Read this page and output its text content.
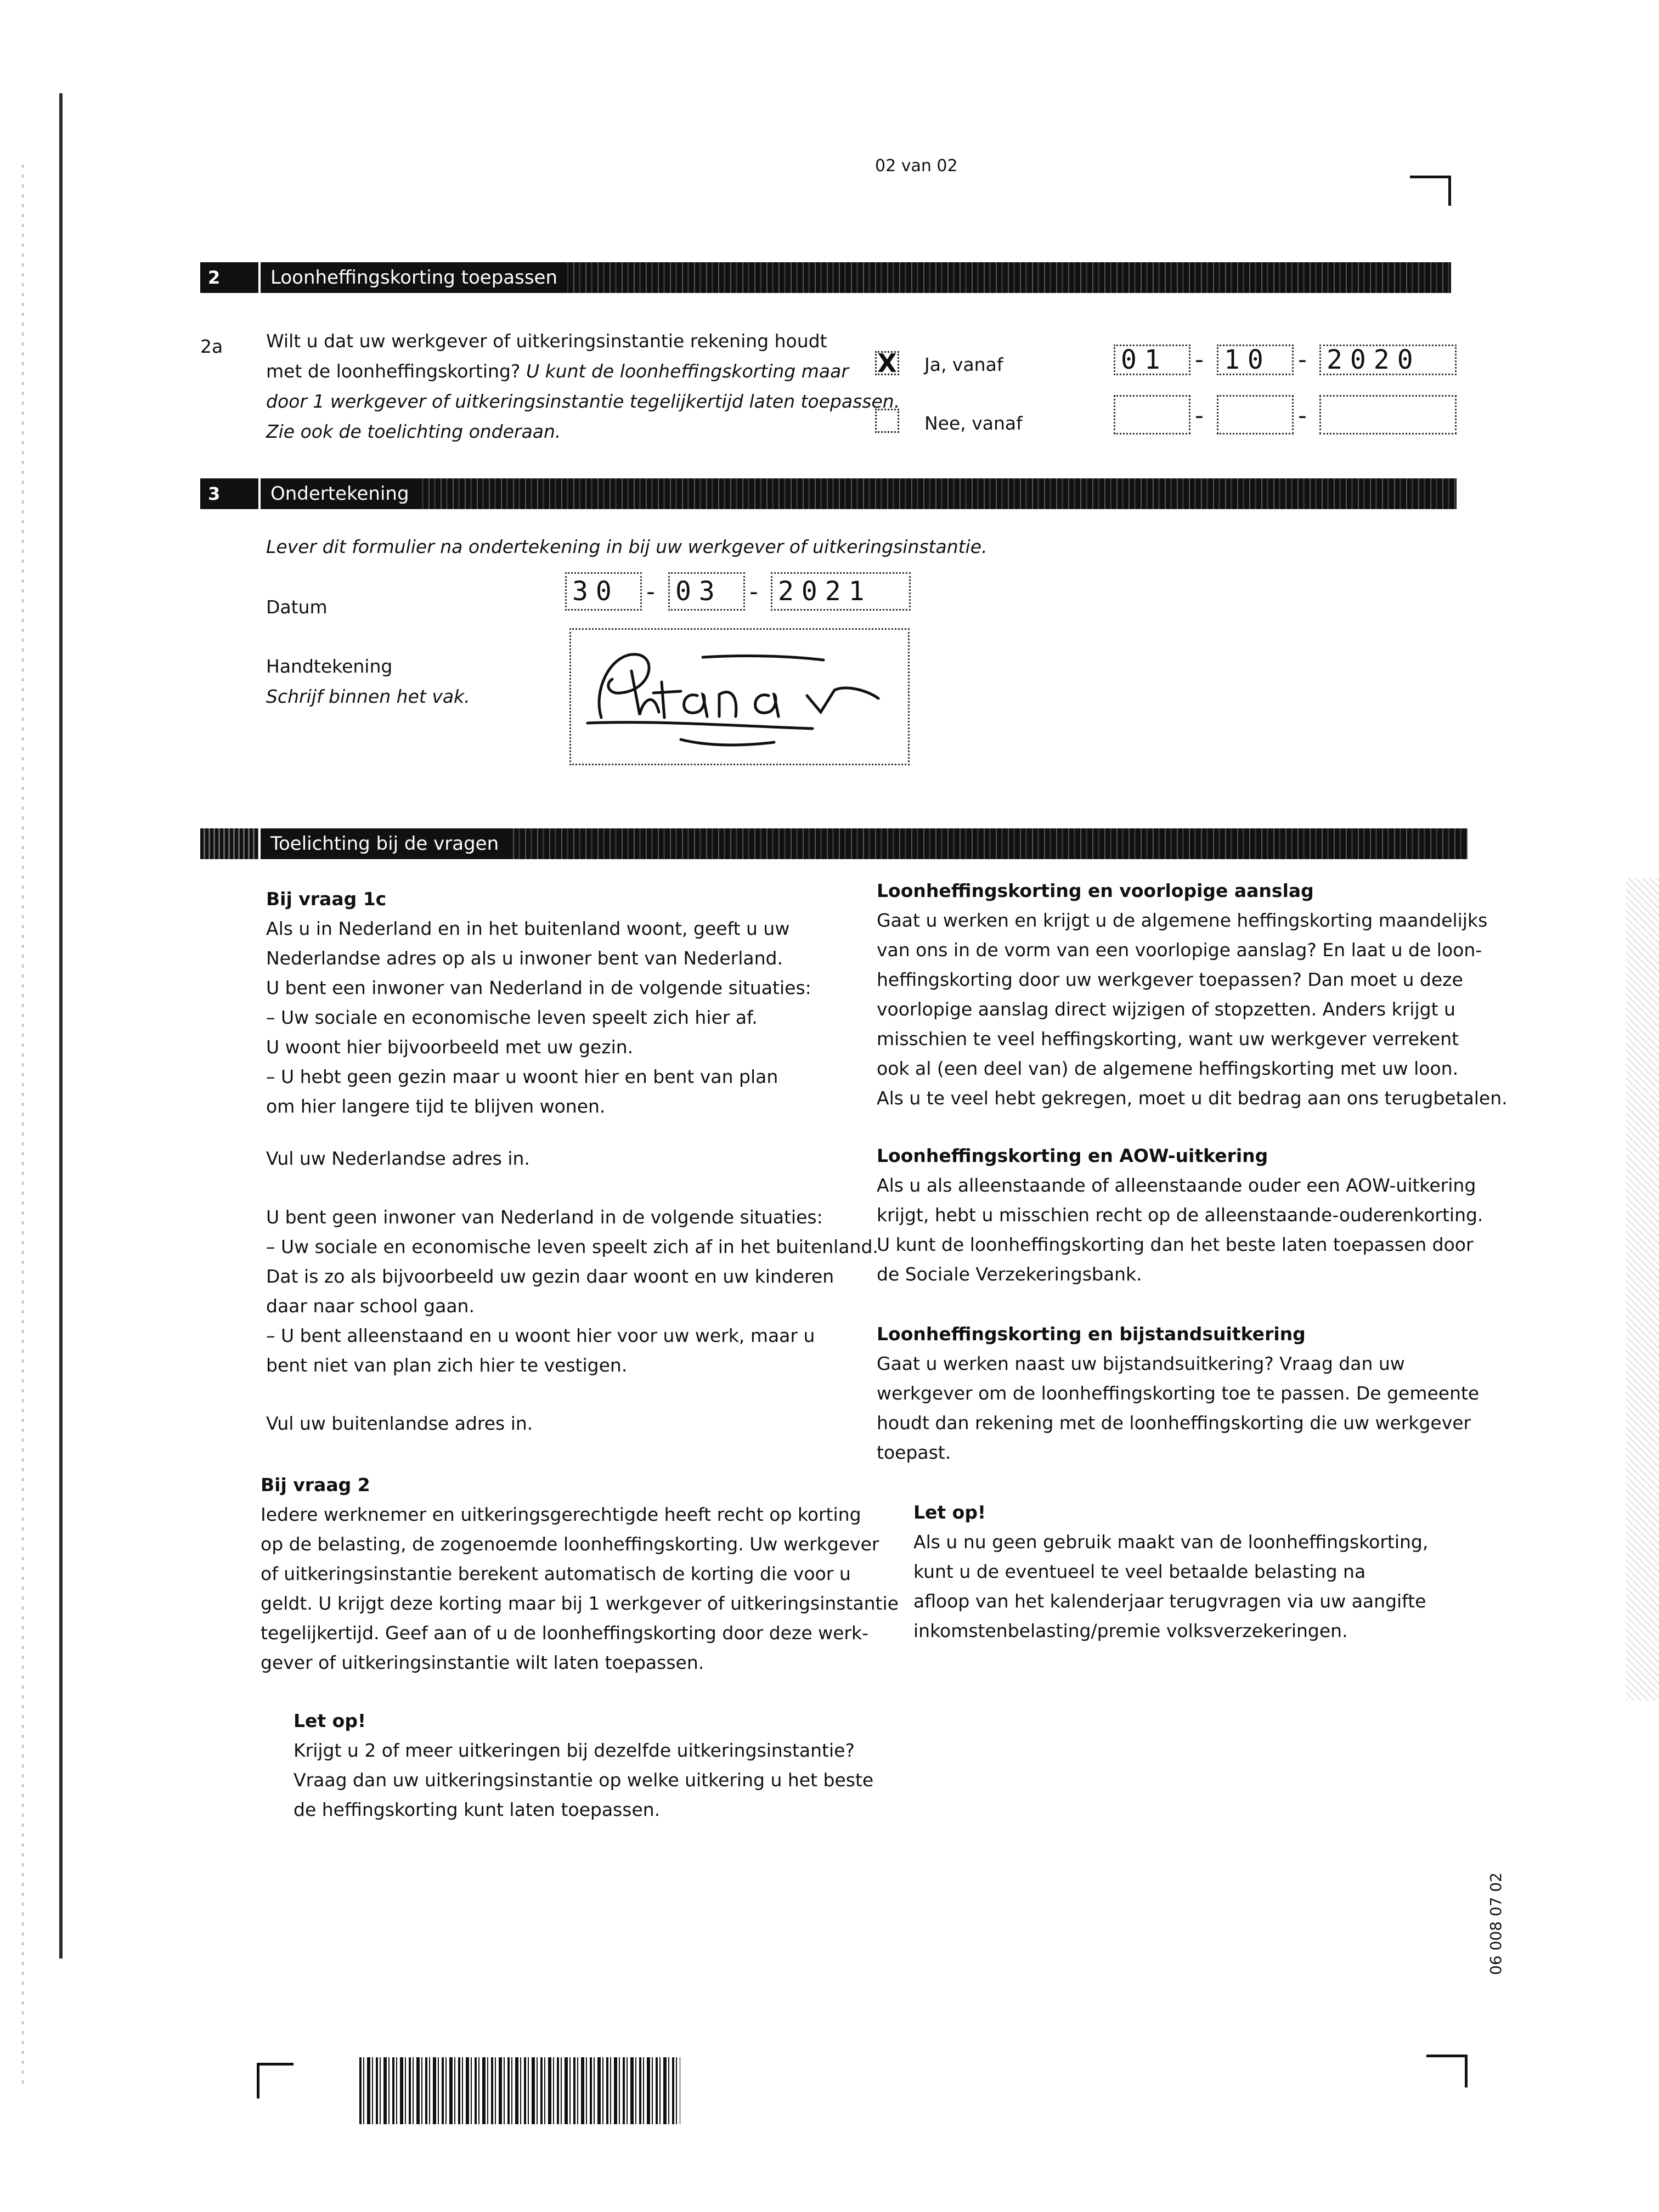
02 van 02
2	Loonheffingskorting toepassen
2a Wilt u dat uw werkgever of uitkeringsinstantie rekening houdt
met de loonheffingskorting? U kunt de loonheffingskorting maar
door 1 werkgever of uitkeringsinstantie tegelijkertijd laten toepassen.
Zie ook de toelichting onderaan.
X Ja, vanaf	01	- 10	- 2020
Nee, vanaf	-	-
3	Ondertekening
Lever dit formulier na ondertekening in bij uw werkgever of uitkeringsinstantie.
Datum
30	- 03	- 2021
Handtekening
Schrijf binnen het vak.
Toelichting bij de vragen
Bij vraag 1c
Als u in Nederland en in het buitenland woont, geeft u uw
Nederlandse adres op als u inwoner bent van Nederland.
U bent een inwoner van Nederland in de volgende situaties:
– Uw sociale en economische leven speelt zich hier af.
U woont hier bijvoorbeeld met uw gezin.
– U hebt geen gezin maar u woont hier en bent van plan
om hier langere tijd te blijven wonen.
Vul uw Nederlandse adres in.
U bent geen inwoner van Nederland in de volgende situaties:
– Uw sociale en economische leven speelt zich af in het buitenland.
Dat is zo als bijvoorbeeld uw gezin daar woont en uw kinderen
daar naar school gaan.
– U bent alleenstaand en u woont hier voor uw werk, maar u
bent niet van plan zich hier te vestigen.
Vul uw buitenlandse adres in.
Bij vraag 2
Iedere werknemer en uitkeringsgerechtigde heeft recht op korting
op de belasting, de zogenoemde loonheffingskorting. Uw werkgever
of uitkeringsinstantie berekent automatisch de korting die voor u
geldt. U krijgt deze korting maar bij 1 werkgever of uitkeringsinstantie
tegelijkertijd. Geef aan of u de loonheffingskorting door deze werk-
gever of uitkeringsinstantie wilt laten toepassen.
Let op!
Krijgt u 2 of meer uitkeringen bij dezelfde uitkeringsinstantie?
Vraag dan uw uitkeringsinstantie op welke uitkering u het beste
de heffingskorting kunt laten toepassen.
Loonheffingskorting en voorlopige aanslag
Gaat u werken en krijgt u de algemene heffingskorting maandelijks
van ons in de vorm van een voorlopige aanslag? En laat u de loon-
heffingskorting door uw werkgever toepassen? Dan moet u deze
voorlopige aanslag direct wijzigen of stopzetten. Anders krijgt u
misschien te veel heffingskorting, want uw werkgever verrekent
ook al (een deel van) de algemene heffingskorting met uw loon.
Als u te veel hebt gekregen, moet u dit bedrag aan ons terugbetalen.
Loonheffingskorting en AOW-uitkering
Als u als alleenstaande of alleenstaande ouder een AOW-uitkering
krijgt, hebt u misschien recht op de alleenstaande-ouderenkorting.
U kunt de loonheffingskorting dan het beste laten toepassen door
de Sociale Verzekeringsbank.
Loonheffingskorting en bijstandsuitkering
Gaat u werken naast uw bijstandsuitkering? Vraag dan uw
werkgever om de loonheffingskorting toe te passen. De gemeente
houdt dan rekening met de loonheffingskorting die uw werkgever
toepast.
Let op!
Als u nu geen gebruik maakt van de loonheffingskorting,
kunt u de eventueel te veel betaalde belasting na
afloop van het kalenderjaar terugvragen via uw aangifte
inkomstenbelasting/premie volksverzekeringen.
06 008 07 02
